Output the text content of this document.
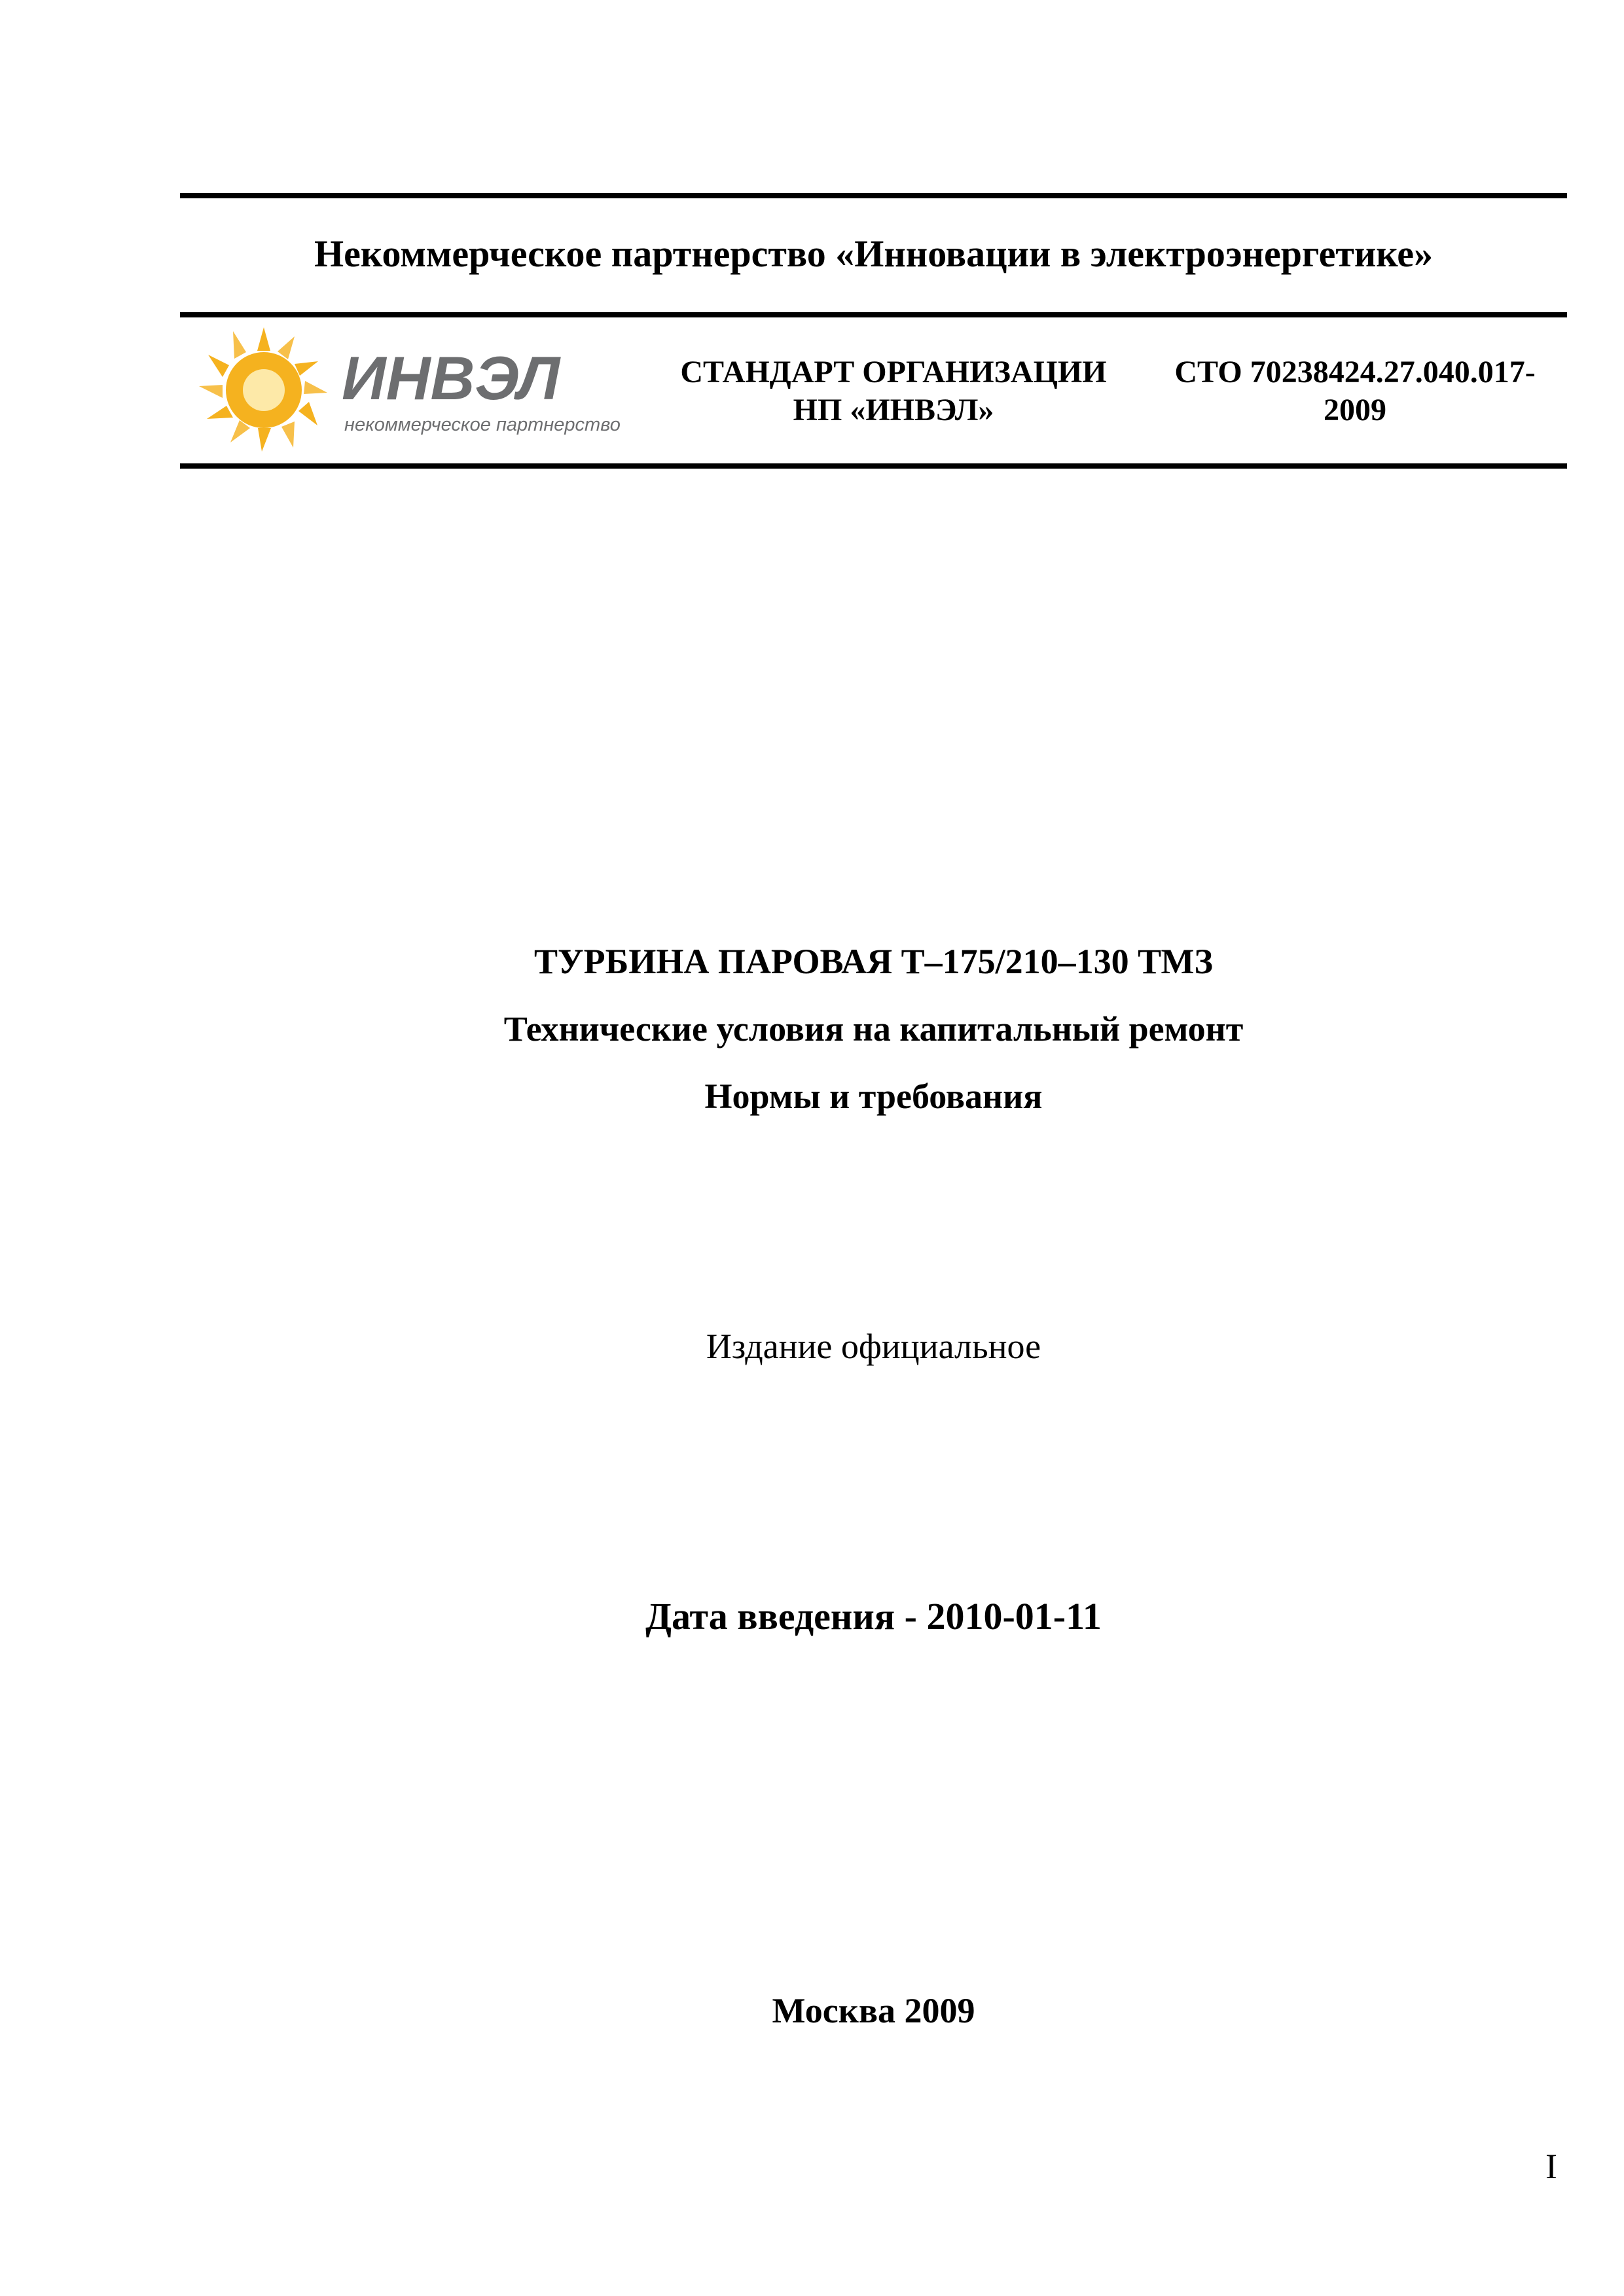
Некоммерческое партнерство «Инновации в электроэнергетике»
ИНВЭЛ
некоммерческое партнерство
СТАНДАРТ ОРГАНИЗАЦИИ
НП «ИНВЭЛ»
СТО 70238424.27.040.017-
2009
ТУРБИНА ПАРОВАЯ Т–175/210–130 ТМЗ
Технические условия на капитальный ремонт
Нормы и требования
Издание официальное
Дата введения - 2010-01-11
Москва 2009
I
